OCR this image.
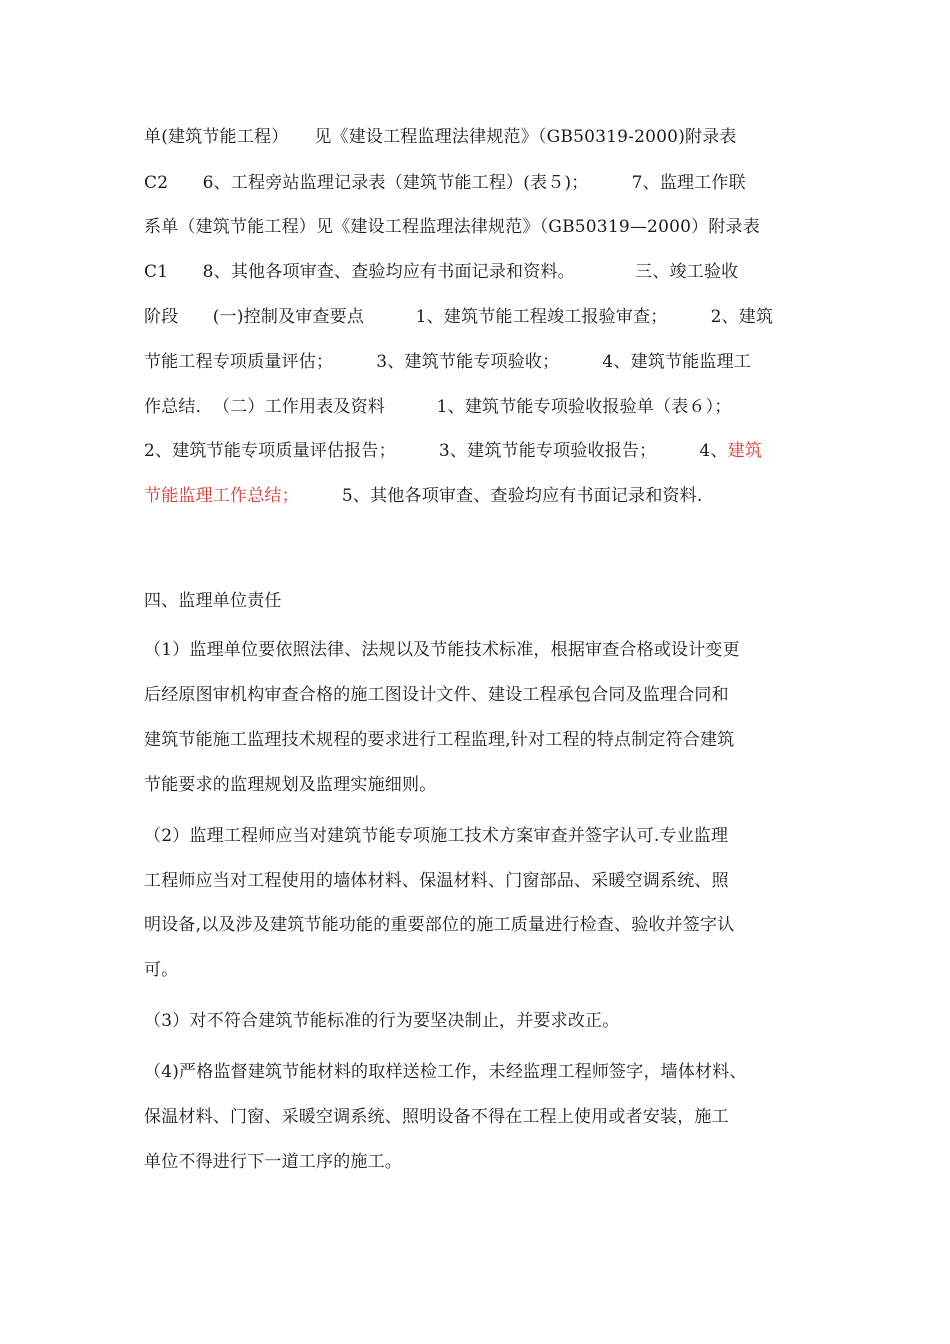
单(建筑节能工程）　　见《建设工程监理法律规范》（GB50319-2000)附录表
C2　　6、工程旁站监理记录表（建筑节能工程）(表５)；　　　7、监理工作联
系单（建筑节能工程）见《建设工程监理法律规范》（GB50319—2000）附录表
C1　　8、其他各项审查、查验均应有书面记录和资料。　　　　三、竣工验收
阶段　　(一)控制及审查要点　　　1、建筑节能工程竣工报验审查；　　　2、建筑
节能工程专项质量评估；　　　3、建筑节能专项验收；　　　4、建筑节能监理工
作总结．　（二）工作用表及资料　　　1、建筑节能专项验收报验单（表６）；
2、建筑节能专项质量评估报告；　　　3、建筑节能专项验收报告；　　　4、建筑
节能监理工作总结；　　　5、其他各项审查、查验均应有书面记录和资料.
四、监理单位责任
（1）监理单位要依照法律、法规以及节能技术标准，根据审查合格或设计变更
后经原图审机构审查合格的施工图设计文件、建设工程承包合同及监理合同和
建筑节能施工监理技术规程的要求进行工程监理,针对工程的特点制定符合建筑
节能要求的监理规划及监理实施细则。
（2）监理工程师应当对建筑节能专项施工技术方案审查并签字认可.专业监理
工程师应当对工程使用的墙体材料、保温材料、门窗部品、采暖空调系统、照
明设备,以及涉及建筑节能功能的重要部位的施工质量进行检查、验收并签字认
可。
（3）对不符合建筑节能标准的行为要坚决制止，并要求改正。
（4)严格监督建筑节能材料的取样送检工作，未经监理工程师签字，墙体材料、
保温材料、门窗、采暖空调系统、照明设备不得在工程上使用或者安装，施工
单位不得进行下一道工序的施工。
